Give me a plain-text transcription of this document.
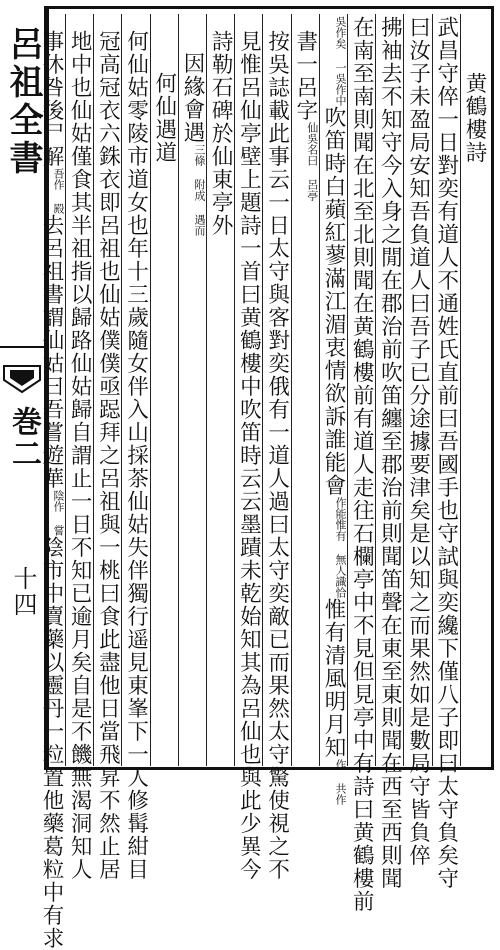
呂祖全書
巻二
十四
黄鶴樓詩
武昌守倅一日對奕有道人不通姓氏直前曰吾國手也守試與奕纔下僅八子即曰太守負矣守
曰汝子未盈局安知吾負道人曰吾子已分途據要津矣是以知之而果然如是數局守皆負倅
拂袖去不知守今入身之閒在郡治前吹笛纏至郡治前則聞笛聲在東至東則聞在西至西則聞
在南至南則聞在北至北則聞在黄鶴樓前有道人走往石欄亭中不見但見亭中有詩曰黄鶴樓前
吳作矣 一吳作中吹笛時白蘋紅蓼滿江湄衷情欲訴誰能會作能惟有 無人識恰惟有清風明月知作 共作
書一呂字仙吳名曰 呂亭
按吳誌載此事云一日太守與客對奕俄有一道人過曰太守奕敵已而果然太守驚使視之不
見惟呂仙亭壁上題詩一首曰黄鶴樓中吹笛時云云墨蹟未乾始知其為呂仙也與此少異今
詩勒石碑於仙東亭外
因緣會遇三條 附成 遇而
何仙遇道
何仙姑零陵市道女也年十三歲隨女伴入山採茶仙姑失伴獨行遥見東峯下一人修髯紺目
冠高冠衣六銖衣即呂祖也仙姑僕僕亟跽拜之呂祖與一桃曰食此盡他日當飛昇不然止居
地中也仙姑僅食其半祖指以歸路仙姑歸自謂止一日不知已逾月矣自是不饑無渴洞知人
事休咎後尸解吾作 殿去呂祖書謂仙姑曰吾嘗遊華陰作 嘗陰市中賣藥以靈丹一粒置他藥葛粒中有求
